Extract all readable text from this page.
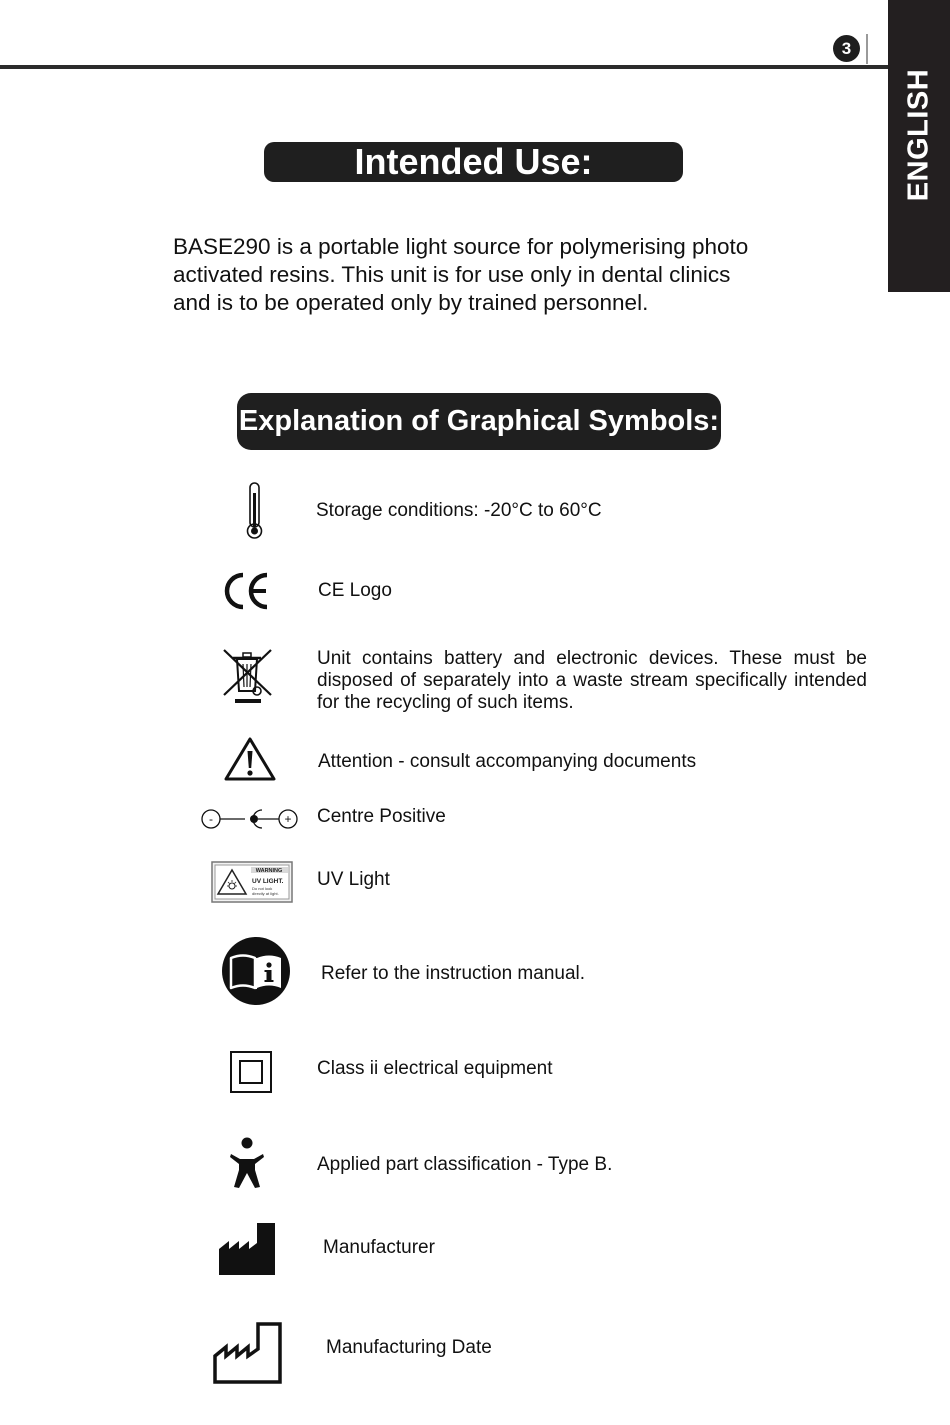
3
ENGLISH
Intended Use:

BASE290 is a portable light source for polymerising photo activated resins. This unit is for use only in dental clinics and is to be operated only by trained personnel.

Explanation of Graphical Symbols:

Storage conditions: -20°C to 60°C

CE Logo

Unit contains battery and electronic devices. These must be disposed of separately into a waste stream specifically intended for the recycling of such items.

Attention - consult accompanying documents

-	+ Centre Positive

WARNING
UV LIGHT.
Do not look
directly at light.

UV Light

Refer to the instruction manual.

Class ii electrical equipment

Applied part classification - Type B.

Manufacturer

Manufacturing Date
